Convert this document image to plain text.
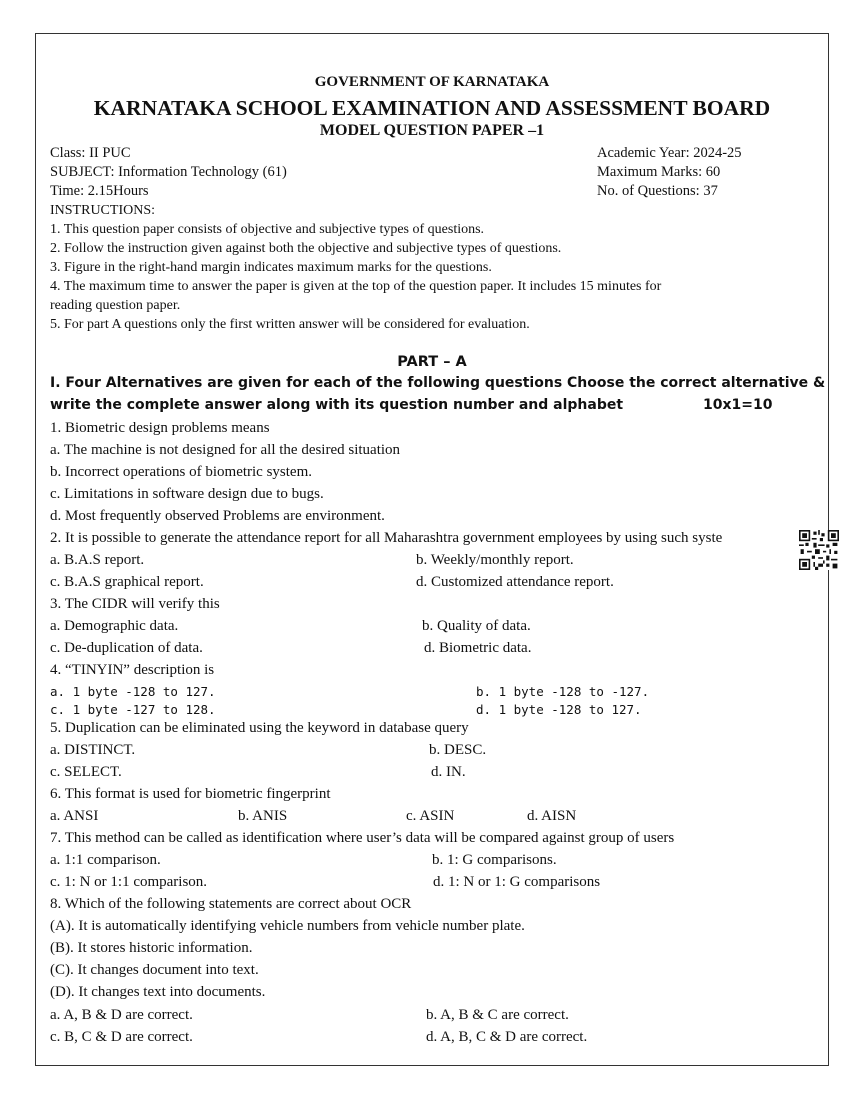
GOVERNMENT OF KARNATAKA
KARNATAKA SCHOOL EXAMINATION AND ASSESSMENT BOARD
MODEL QUESTION PAPER –1
Class: II PUC
SUBJECT: Information Technology (61)
Time: 2.15Hours
Academic Year: 2024-25
Maximum Marks: 60
No. of Questions: 37
INSTRUCTIONS:
1. This question paper consists of objective and subjective types of questions.
2. Follow the instruction given against both the objective and subjective types of questions.
3. Figure in the right-hand margin indicates maximum marks for the questions.
4. The maximum time to answer the paper is given at the top of the question paper. It includes 15 minutes for
reading question paper.
5. For part A questions only the first written answer will be considered for evaluation.
PART – A
I. Four Alternatives are given for each of the following questions Choose the correct alternative &
write the complete answer along with its question number and alphabet	10x1=10
1. Biometric design problems means
a. The machine is not designed for all the desired situation
b. Incorrect operations of biometric system.
c. Limitations in software design due to bugs.
d. Most frequently observed Problems are environment.
2. It is possible to generate the attendance report for all Maharashtra government employees by using such syste
a. B.A.S report.	b. Weekly/monthly report.
c. B.A.S graphical report.	d. Customized attendance report.
3. The CIDR will verify this
a. Demographic data.	b. Quality of data.
c. De-duplication of data.	d. Biometric data.
4. “TINYIN” description is
a. 1 byte -128 to 127.	b. 1 byte -128 to -127.
c. 1 byte -127 to 128.	d. 1 byte -128 to 127.
5. Duplication can be eliminated using the keyword in database query
a. DISTINCT.	b. DESC.
c. SELECT.	d. IN.
6. This format is used for biometric fingerprint
a. ANSI	b. ANIS	c. ASIN	d. AISN
7. This method can be called as identification where user’s data will be compared against group of users
a. 1:1 comparison.	b. 1: G comparisons.
c. 1: N or 1:1 comparison.	d. 1: N or 1: G comparisons
8. Which of the following statements are correct about OCR
(A). It is automatically identifying vehicle numbers from vehicle number plate.
(B). It stores historic information.
(C). It changes document into text.
(D). It changes text into documents.
a. A, B & D are correct.	b. A, B & C are correct.
c. B, C & D are correct.	d. A, B, C & D are correct.
